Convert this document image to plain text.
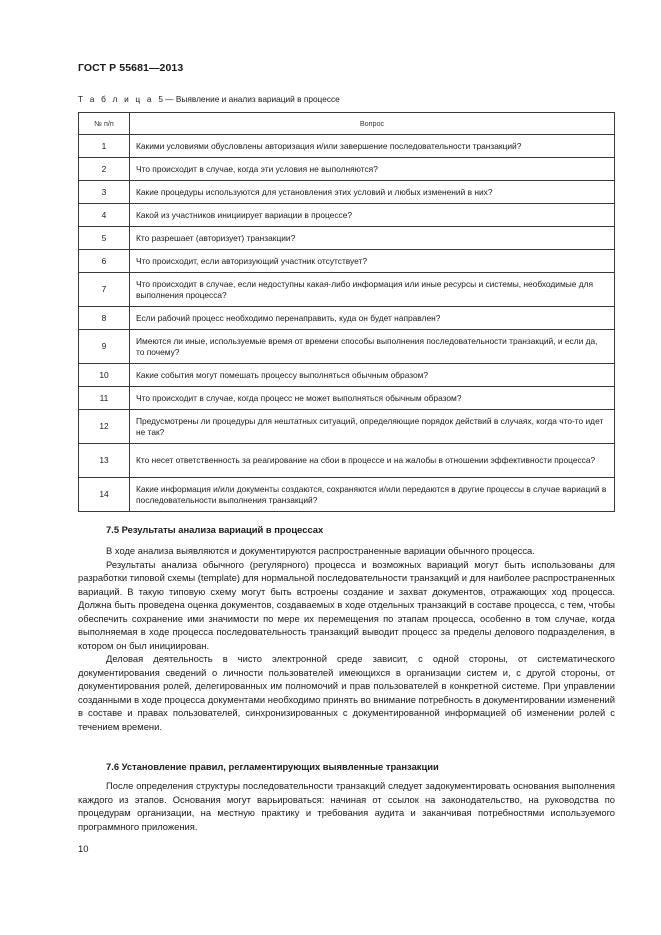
ГОСТ Р 55681—2013
Т а б л и ц а 5 — Выявление и анализ вариаций в процессе
№ п/п	Вопрос
1	Какими условиями обусловлены авторизация и/или завершение последовательности транзакций?
2	Что происходит в случае, когда эти условия не выполняются?
3	Какие процедуры используются для установления этих условий и любых изменений в них?
4	Какой из участников инициирует вариации в процессе?
5	Кто разрешает (авторизует) транзакции?
6	Что происходит, если авторизующий участник отсутствует?
7	Что происходит в случае, если недоступны какая-либо информация или иные ресурсы и системы, необходимые для выполнения процесса?
8	Если рабочий процесс необходимо перенаправить, куда он будет направлен?
9	Имеются ли иные, используемые время от времени способы выполнения последовательности транзакций, и если да, то почему?
10	Какие события могут помешать процессу выполняться обычным образом?
11	Что происходит в случае, когда процесс не может выполняться обычным образом?
12	Предусмотрены ли процедуры для нештатных ситуаций, определяющие порядок действий в случаях, когда что-то идет не так?
13	Кто несет ответственность за реагирование на сбои в процессе и на жалобы в отношении эффективности процесса?
14	Какие информация и/или документы создаются, сохраняются и/или передаются в другие процессы в случае вариаций в последовательности выполнения транзакций?
7.5 Результаты анализа вариаций в процессах

В ходе анализа выявляются и документируются распространенные вариации обычного процесса.

Результаты анализа обычного (регулярного) процесса и возможных вариаций могут быть использованы для разработки типовой схемы (template) для нормальной последовательности транзакций и для наиболее распространенных вариаций. В такую типовую схему могут быть встроены создание и захват документов, отражающих ход процесса. Должна быть проведена оценка документов, создаваемых в ходе отдельных транзакций в составе процесса, с тем, чтобы обеспечить сохранение ими значимости по мере их перемещения по этапам процесса, особенно в том случае, когда выполняемая в ходе процесса последовательность транзакций выводит процесс за пределы делового подразделения, в котором он был инициирован.

Деловая деятельность в чисто электронной среде зависит, с одной стороны, от систематического документирования сведений о личности пользователей имеющихся в организации систем и, с другой стороны, от документирования ролей, делегированных им полномочий и прав пользователей в конкретной системе. При управлении созданными в ходе процесса документами необходимо принять во внимание потребность в документировании изменений в составе и правах пользователей, синхронизированных с документированной информацией об изменении ролей с течением времени.

7.6 Установление правил, регламентирующих выявленные транзакции

После определения структуры последовательности транзакций следует задокументировать основания выполнения каждого из этапов. Основания могут варьироваться: начиная от ссылок на законодательство, на руководства по процедурам организации, на местную практику и требования аудита и заканчивая потребностями используемого программного приложения.

10
